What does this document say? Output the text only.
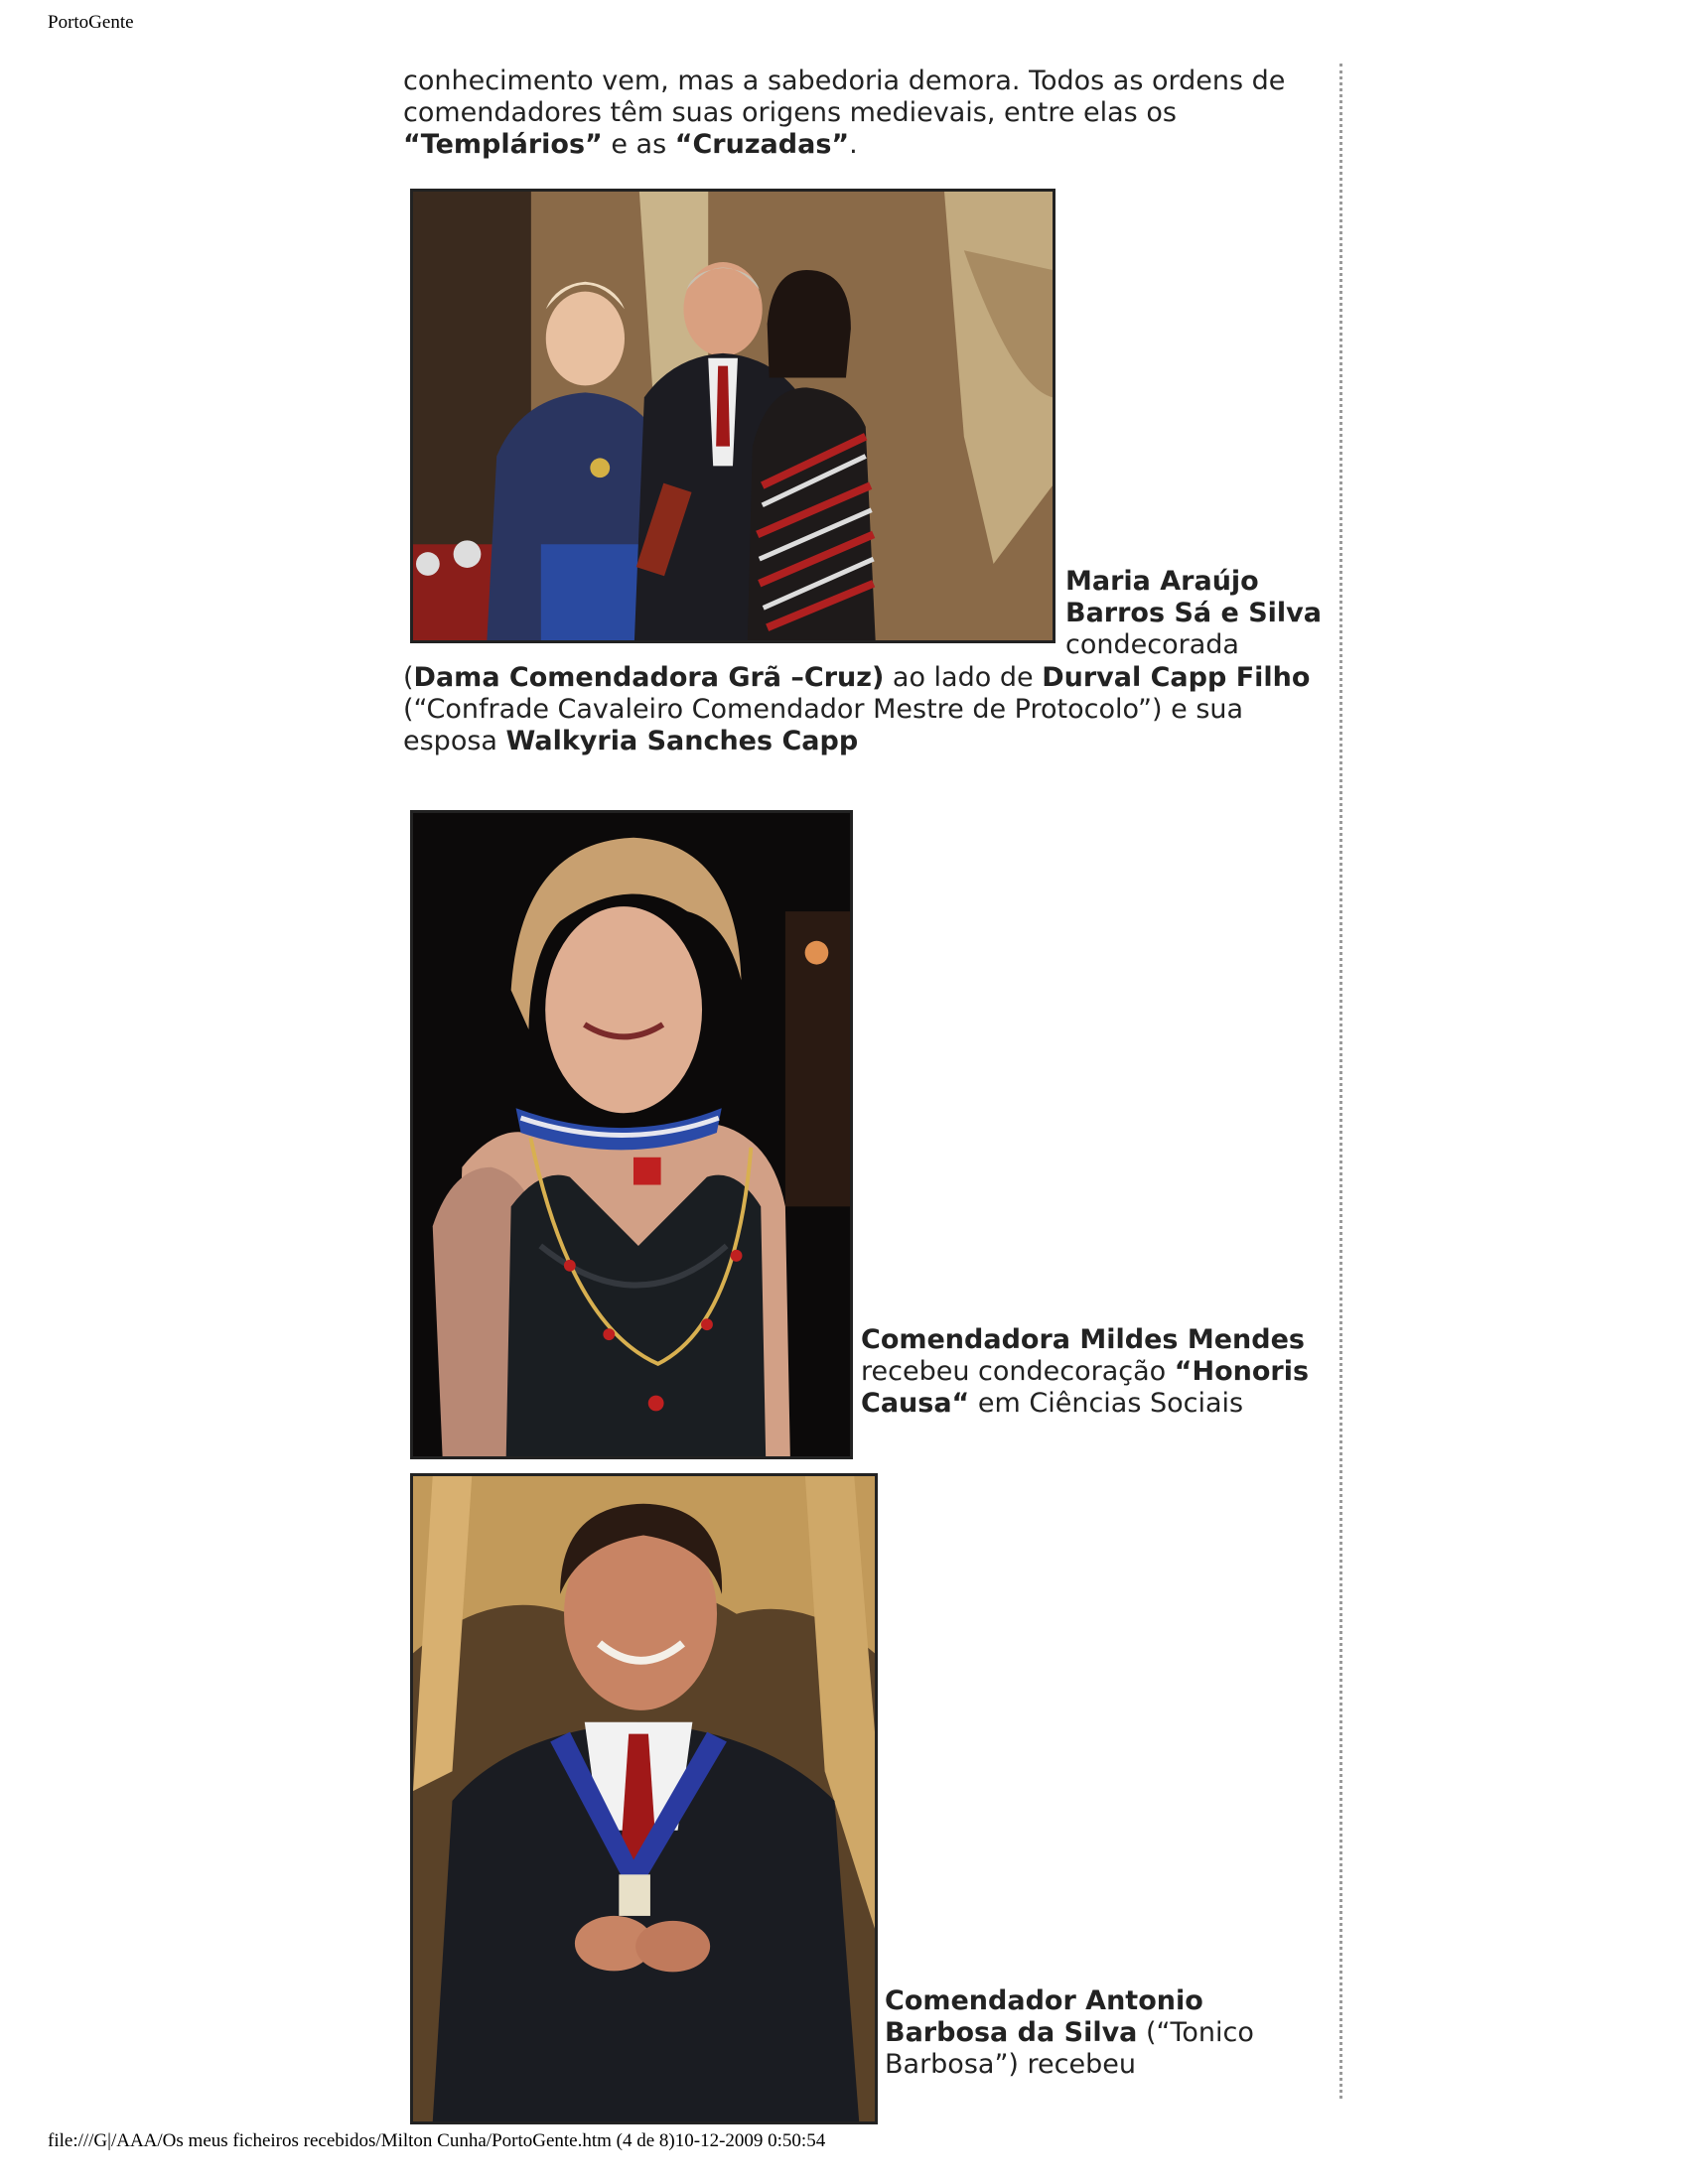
PortoGente
conhecimento vem, mas a sabedoria demora. Todos as ordens de comendadores têm suas origens medievais, entre elas os “Templários” e as “Cruzadas”.
Maria Araújo Barros Sá e Silva condecorada
(Dama Comendadora Grã –Cruz) ao lado de Durval Capp Filho
(“Confrade Cavaleiro Comendador Mestre de Protocolo”) e sua esposa Walkyria Sanches Capp
Comendadora Mildes Mendes recebeu condecoração “Honoris Causa“ em Ciências Sociais
Comendador Antonio Barbosa da Silva (“Tonico Barbosa”) recebeu
file:///G|/AAA/Os meus ficheiros recebidos/Milton Cunha/PortoGente.htm (4 de 8)10-12-2009 0:50:54
